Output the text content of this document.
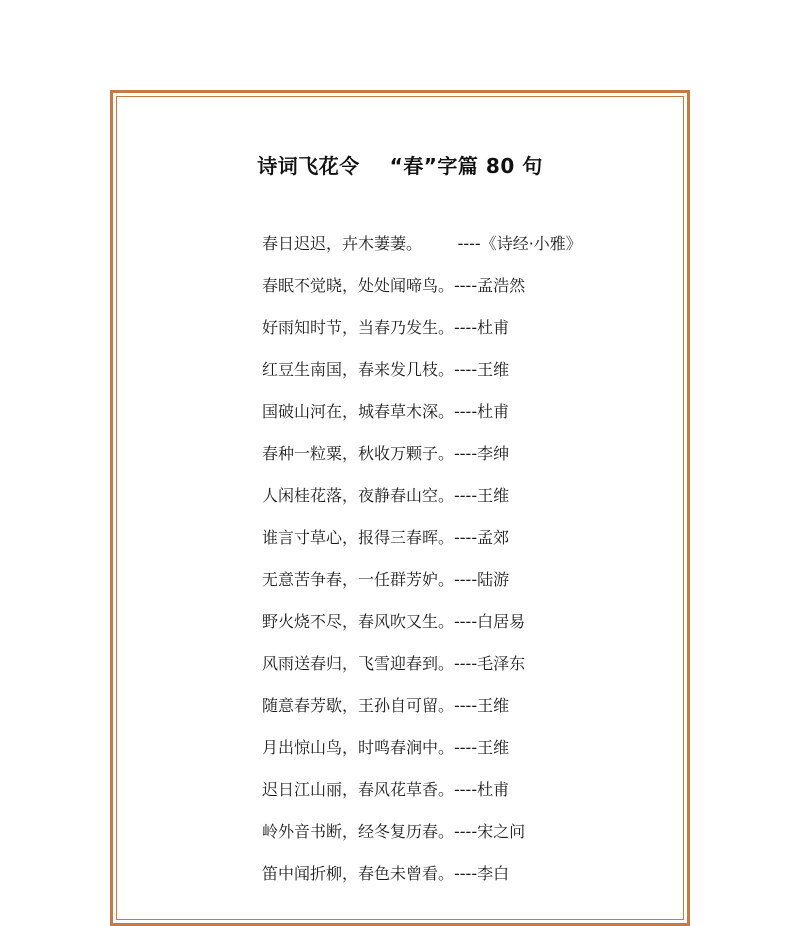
诗词飞花令    “春”字篇 80 句
春日迟迟，卉木萋萋。       ----《诗经·小雅》
春眠不觉晓，处处闻啼鸟。----孟浩然
好雨知时节，当春乃发生。----杜甫
红豆生南国，春来发几枝。----王维
国破山河在，城春草木深。----杜甫
春种一粒粟，秋收万颗子。----李绅
人闲桂花落，夜静春山空。----王维
谁言寸草心，报得三春晖。----孟郊
无意苦争春，一任群芳妒。----陆游
野火烧不尽，春风吹又生。----白居易
风雨送春归，飞雪迎春到。----毛泽东
随意春芳歇，王孙自可留。----王维
月出惊山鸟，时鸣春涧中。----王维
迟日江山丽，春风花草香。----杜甫
岭外音书断，经冬复历春。----宋之问
笛中闻折柳，春色未曾看。----李白
